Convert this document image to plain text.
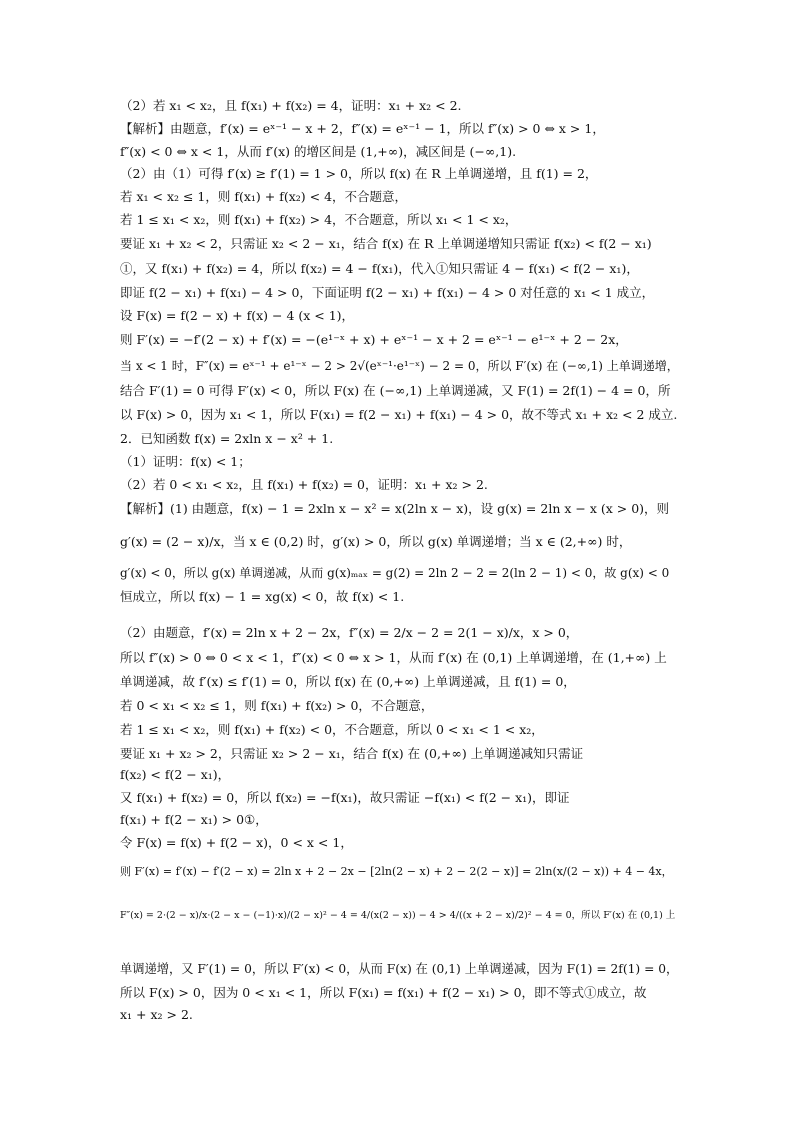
（2）若 x₁ < x₂，且 f(x₁) + f(x₂) = 4，证明：x₁ + x₂ < 2.
【解析】由题意，f′(x) = eˣ⁻¹ − x + 2，f″(x) = eˣ⁻¹ − 1，所以 f″(x) > 0 ⇔ x > 1，
f″(x) < 0 ⇔ x < 1，从而 f′(x) 的增区间是 (1,+∞)，减区间是 (−∞,1).
（2）由（1）可得 f′(x) ≥ f′(1) = 1 > 0，所以 f(x) 在 R 上单调递增，且 f(1) = 2，
若 x₁ < x₂ ≤ 1，则 f(x₁) + f(x₂) < 4，不合题意，
若 1 ≤ x₁ < x₂，则 f(x₁) + f(x₂) > 4，不合题意，所以 x₁ < 1 < x₂，
要证 x₁ + x₂ < 2，只需证 x₂ < 2 − x₁，结合 f(x) 在 R 上单调递增知只需证 f(x₂) < f(2 − x₁)
①，又 f(x₁) + f(x₂) = 4，所以 f(x₂) = 4 − f(x₁)，代入①知只需证 4 − f(x₁) < f(2 − x₁)，
即证 f(2 − x₁) + f(x₁) − 4 > 0，下面证明 f(2 − x₁) + f(x₁) − 4 > 0 对任意的 x₁ < 1 成立，
设 F(x) = f(2 − x) + f(x) − 4 (x < 1)，
则 F′(x) = −f′(2 − x) + f′(x) = −(e¹⁻ˣ + x) + eˣ⁻¹ − x + 2 = eˣ⁻¹ − e¹⁻ˣ + 2 − 2x，
当 x < 1 时，F″(x) = eˣ⁻¹ + e¹⁻ˣ − 2 > 2√(eˣ⁻¹·e¹⁻ˣ) − 2 = 0，所以 F′(x) 在 (−∞,1) 上单调递增，
结合 F′(1) = 0 可得 F′(x) < 0，所以 F(x) 在 (−∞,1) 上单调递减，又 F(1) = 2f(1) − 4 = 0，所
以 F(x) > 0，因为 x₁ < 1，所以 F(x₁) = f(2 − x₁) + f(x₁) − 4 > 0，故不等式 x₁ + x₂ < 2 成立.
2．已知函数 f(x) = 2xln x − x² + 1.
（1）证明：f(x) < 1；
（2）若 0 < x₁ < x₂，且 f(x₁) + f(x₂) = 0，证明：x₁ + x₂ > 2.
【解析】(1) 由题意，f(x) − 1 = 2xln x − x² = x(2ln x − x)，设 g(x) = 2ln x − x (x > 0)，则
g′(x) = (2 − x)/x，当 x ∈ (0,2) 时，g′(x) > 0，所以 g(x) 单调递增；当 x ∈ (2,+∞) 时，
g′(x) < 0，所以 g(x) 单调递减，从而 g(x)ₘₐₓ = g(2) = 2ln 2 − 2 = 2(ln 2 − 1) < 0，故 g(x) < 0
恒成立，所以 f(x) − 1 = xg(x) < 0，故 f(x) < 1.
（2）由题意，f′(x) = 2ln x + 2 − 2x，f″(x) = 2/x − 2 = 2(1 − x)/x，x > 0，
所以 f″(x) > 0 ⇔ 0 < x < 1，f″(x) < 0 ⇔ x > 1，从而 f′(x) 在 (0,1) 上单调递增，在 (1,+∞) 上
单调递减，故 f′(x) ≤ f′(1) = 0，所以 f(x) 在 (0,+∞) 上单调递减，且 f(1) = 0，
若 0 < x₁ < x₂ ≤ 1，则 f(x₁) + f(x₂) > 0，不合题意，
若 1 ≤ x₁ < x₂，则 f(x₁) + f(x₂) < 0，不合题意，所以 0 < x₁ < 1 < x₂，
要证 x₁ + x₂ > 2，只需证 x₂ > 2 − x₁，结合 f(x) 在 (0,+∞) 上单调递减知只需证
f(x₂) < f(2 − x₁)，
又 f(x₁) + f(x₂) = 0，所以 f(x₂) = −f(x₁)，故只需证 −f(x₁) < f(2 − x₁)，即证
f(x₁) + f(2 − x₁) > 0①，
令 F(x) = f(x) + f(2 − x)，0 < x < 1，
则 F′(x) = f′(x) − f′(2 − x) = 2ln x + 2 − 2x − [2ln(2 − x) + 2 − 2(2 − x)] = 2ln(x/(2 − x)) + 4 − 4x，
F″(x) = 2·(2 − x)/x·(2 − x − (−1)·x)/(2 − x)² − 4 = 4/(x(2 − x)) − 4 > 4/((x + 2 − x)/2)² − 4 = 0，所以 F′(x) 在 (0,1) 上
单调递增，又 F′(1) = 0，所以 F′(x) < 0，从而 F(x) 在 (0,1) 上单调递减，因为 F(1) = 2f(1) = 0，
所以 F(x) > 0，因为 0 < x₁ < 1，所以 F(x₁) = f(x₁) + f(2 − x₁) > 0，即不等式①成立，故
x₁ + x₂ > 2.
